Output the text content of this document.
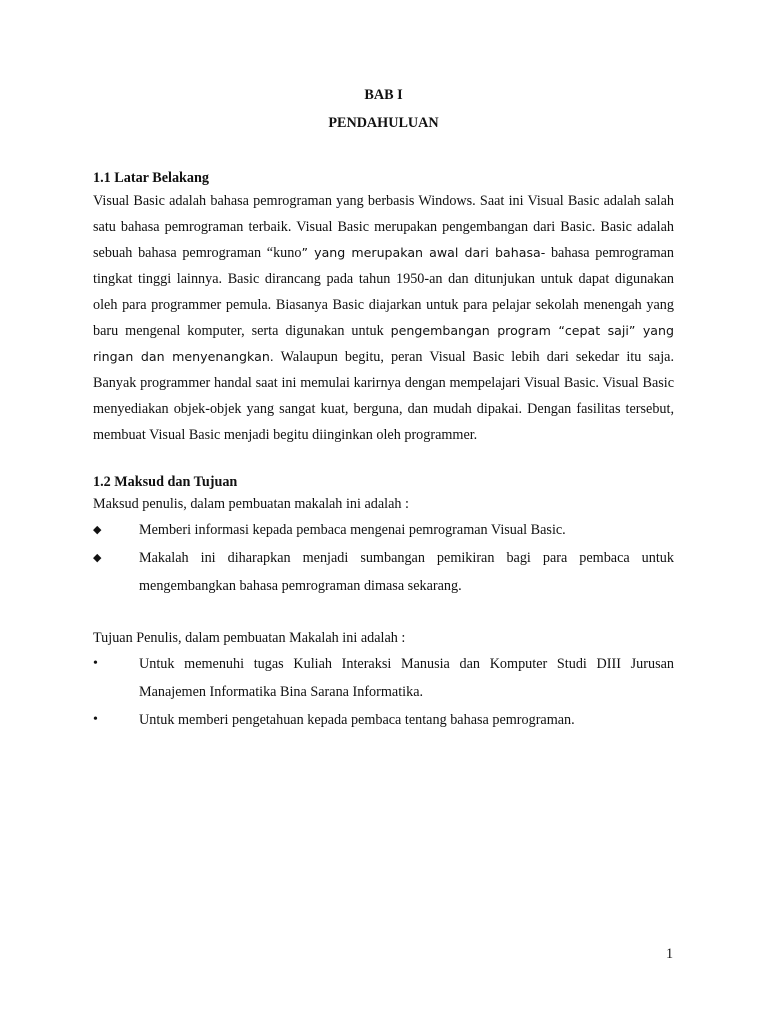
BAB I

PENDAHULUAN

1.1 Latar Belakang

Visual Basic adalah bahasa pemrograman yang berbasis Windows. Saat ini Visual Basic adalah salah satu bahasa pemrograman terbaik. Visual Basic merupakan pengembangan dari Basic. Basic adalah sebuah bahasa pemrograman “kuno” yang merupakan awal dari bahasa- bahasa pemrograman tingkat tinggi lainnya. Basic dirancang pada tahun 1950-an dan ditunjukan untuk dapat digunakan oleh para programmer pemula. Biasanya Basic diajarkan untuk para pelajar sekolah menengah yang baru mengenal komputer, serta digunakan untuk pengembangan program “cepat saji” yang ringan dan menyenangkan. Walaupun begitu, peran Visual Basic lebih dari sekedar itu saja. Banyak programmer handal saat ini memulai karirnya dengan mempelajari Visual Basic. Visual Basic menyediakan objek-objek yang sangat kuat, berguna, dan mudah dipakai. Dengan fasilitas tersebut, membuat Visual Basic menjadi begitu diinginkan oleh programmer.

1.2 Maksud dan Tujuan

Maksud penulis, dalam pembuatan makalah ini adalah :

◆	Memberi informasi kepada pembaca mengenai pemrograman Visual Basic.
◆	Makalah ini diharapkan menjadi sumbangan pemikiran bagi para pembaca untuk mengembangkan bahasa pemrograman dimasa sekarang.

Tujuan Penulis, dalam pembuatan Makalah ini adalah :

•	Untuk memenuhi tugas Kuliah Interaksi Manusia dan Komputer Studi DIII Jurusan Manajemen Informatika Bina Sarana Informatika.
•	Untuk memberi pengetahuan kepada pembaca tentang bahasa pemrograman.
1
